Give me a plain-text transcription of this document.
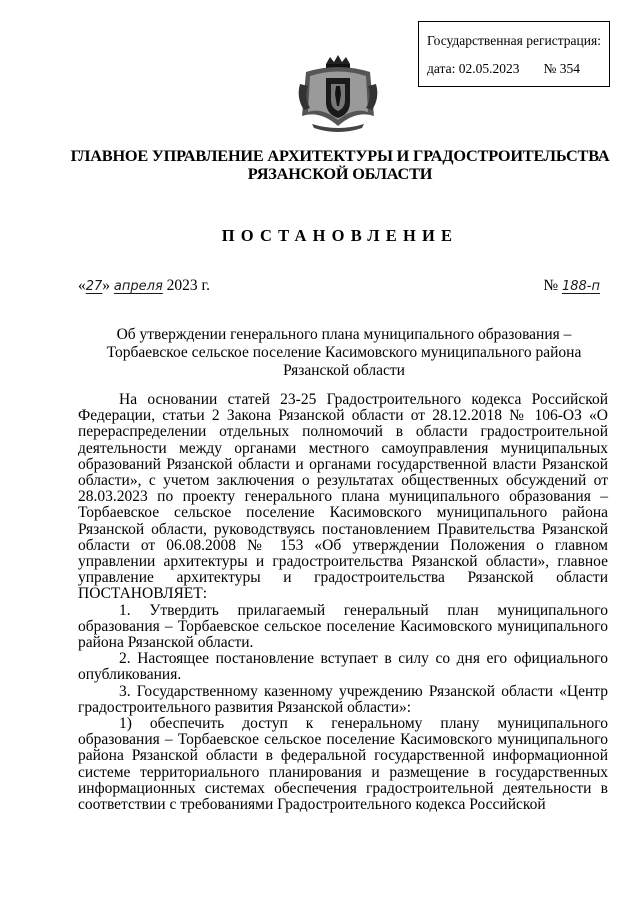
Государственная регистрация:
дата: 02.05.2023 № 354
ГЛАВНОЕ УПРАВЛЕНИЕ АРХИТЕКТУРЫ И ГРАДОСТРОИТЕЛЬСТВА
РЯЗАНСКОЙ ОБЛАСТИ
ПОСТАНОВЛЕНИЕ
«27» апреля 2023 г.	№ 188-п
Об утверждении генерального плана муниципального образования –
Торбаевское сельское поселение Касимовского муниципального района
Рязанской области

На основании статей 23-25 Градостроительного кодекса Российской Федерации, статьи 2 Закона Рязанской области от 28.12.2018 № 106-ОЗ «О перераспределении отдельных полномочий в области градостроительной деятельности между органами местного самоуправления муниципальных образований Рязанской области и органами государственной власти Рязанской области», с учетом заключения о результатах общественных обсуждений от 28.03.2023 по проекту генерального плана муниципального образования – Торбаевское сельское поселение Касимовского муниципального района Рязанской области, руководствуясь постановлением Правительства Рязанской области от 06.08.2008 № 153 «Об утверждении Положения о главном управлении архитектуры и градостроительства Рязанской области», главное управление архитектуры и градостроительства Рязанской области ПОСТАНОВЛЯЕТ:

1. Утвердить прилагаемый генеральный план муниципального образования – Торбаевское сельское поселение Касимовского муниципального района Рязанской области.

2. Настоящее постановление вступает в силу со дня его официального опубликования.

3. Государственному казенному учреждению Рязанской области «Центр градостроительного развития Рязанской области»:

1) обеспечить доступ к генеральному плану муниципального образования – Торбаевское сельское поселение Касимовского муниципального района Рязанской области в федеральной государственной информационной системе территориального планирования и размещение в государственных информационных системах обеспечения градостроительной деятельности в соответствии с требованиями Градостроительного кодекса Российской
